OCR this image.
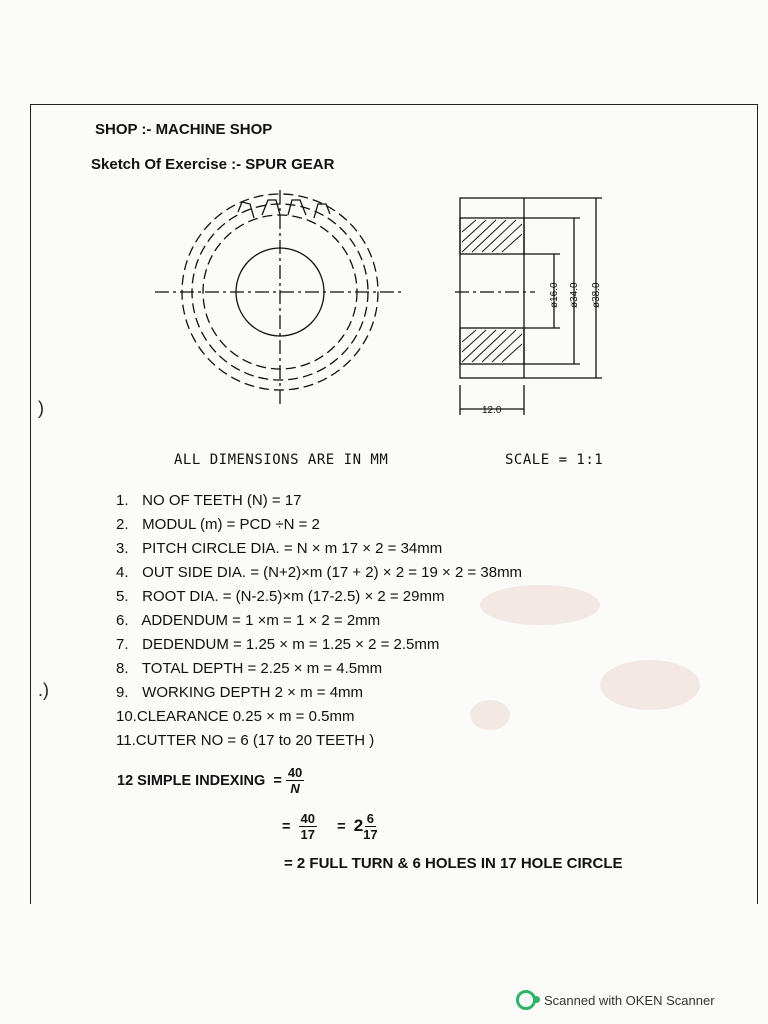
)
.)
SHOP :- MACHINE SHOP
Sketch Of Exercise :- SPUR GEAR
ø16.0 ø34.0 ø38.0
12.0
ALL DIMENSIONS ARE IN MM	SCALE = 1:1
1. NO OF TEETH (N) = 17
2. MODUL (m) = PCD ÷N = 2
3. PITCH CIRCLE DIA. = N × m 17 × 2 = 34mm
4. OUT SIDE DIA. = (N+2)×m (17 + 2) × 2 = 19 × 2 = 38mm
5. ROOT DIA. = (N-2.5)×m (17-2.5) × 2 = 29mm
6. ADDENDUM = 1 ×m = 1 × 2 = 2mm
7. DEDENDUM = 1.25 × m = 1.25 × 2 = 2.5mm
8. TOTAL DEPTH = 2.25 × m = 4.5mm
9. WORKING DEPTH 2 × m = 4mm
10.CLEARANCE 0.25 × m = 0.5mm
11.CUTTER NO = 6 (17 to 20 TEETH )
12 SIMPLE INDEXING = $\frac{40}{N}$
= $\frac{40}{17} = 2 \frac{6}{17}$
= 2 FULL TURN & 6 HOLES IN 17 HOLE CIRCLE
Scanned with OKEN Scanner
